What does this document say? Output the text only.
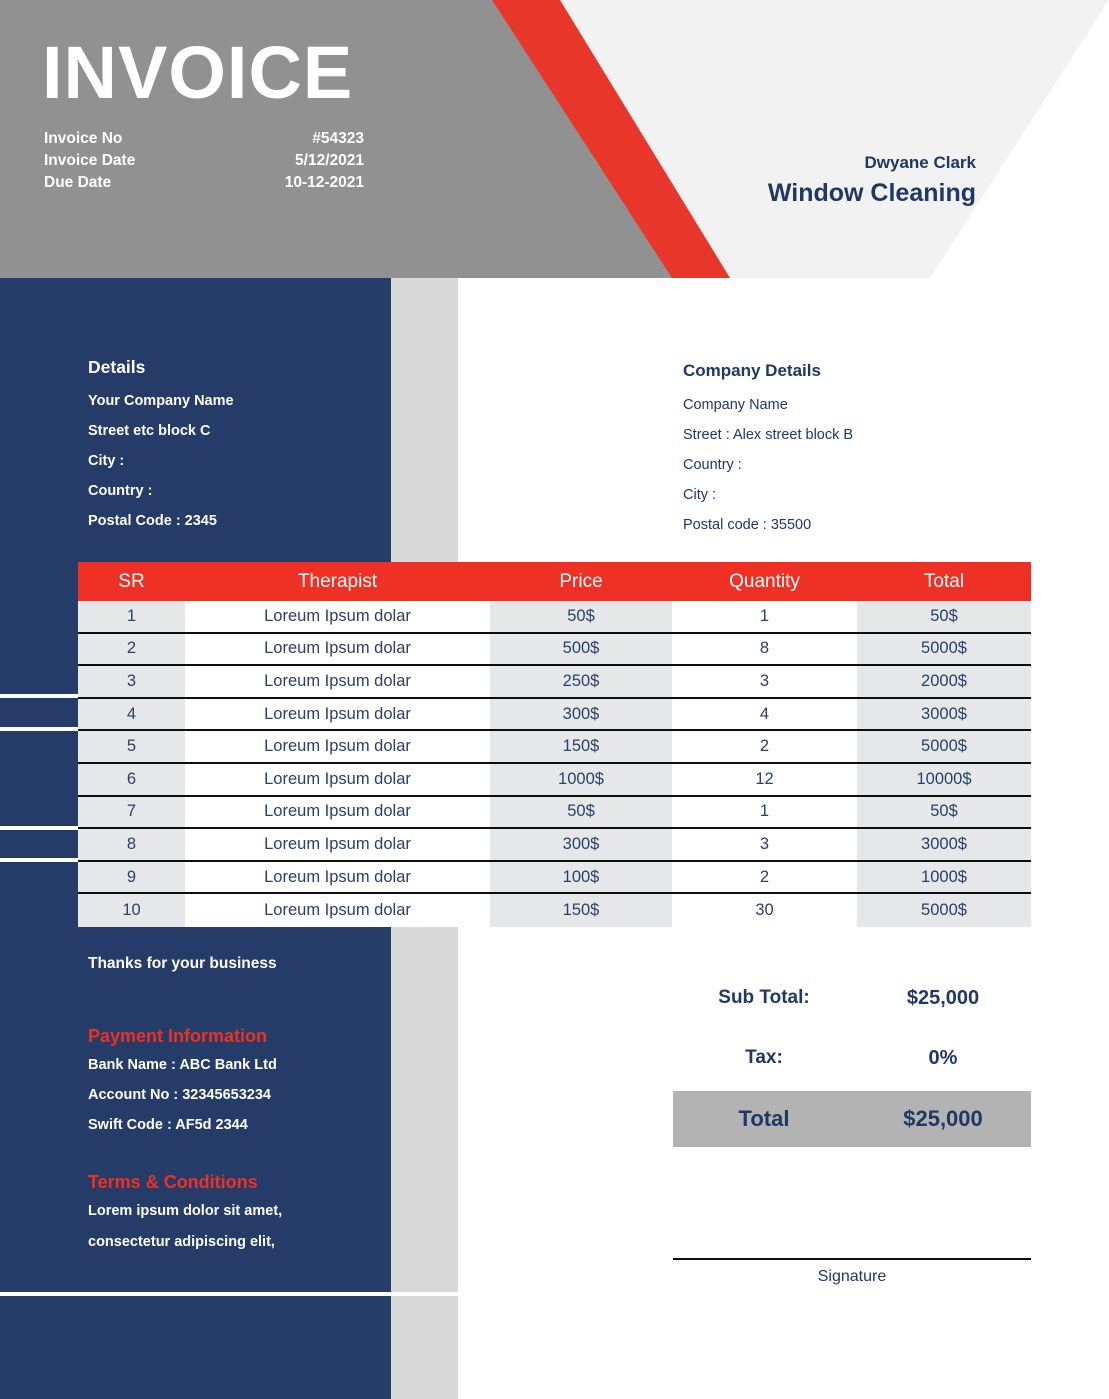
INVOICE
Invoice No	#54323
Invoice Date	5/12/2021
Due Date	10-12-2021
Dwyane Clark
Window Cleaning
Details
Your Company Name
Street etc block C
City :
Country :
Postal Code : 2345
Company Details
Company Name
Street : Alex street block B
Country :
City :
Postal code : 35500
SR	Therapist	Price	Quantity	Total
1	Loreum Ipsum dolar	50$	1	50$
2	Loreum Ipsum dolar	500$	8	5000$
3	Loreum Ipsum dolar	250$	3	2000$
4	Loreum Ipsum dolar	300$	4	3000$
5	Loreum Ipsum dolar	150$	2	5000$
6	Loreum Ipsum dolar	1000$	12	10000$
7	Loreum Ipsum dolar	50$	1	50$
8	Loreum Ipsum dolar	300$	3	3000$
9	Loreum Ipsum dolar	100$	2	1000$
10	Loreum Ipsum dolar	150$	30	5000$
Thanks for your business
Payment Information
Bank Name : ABC Bank Ltd
Account No : 32345653234
Swift Code : AF5d 2344
Terms & Conditions
Lorem ipsum dolor sit amet,
consectetur adipiscing elit,
Sub Total:	$25,000
Tax:	0%
Total	$25,000
Signature
